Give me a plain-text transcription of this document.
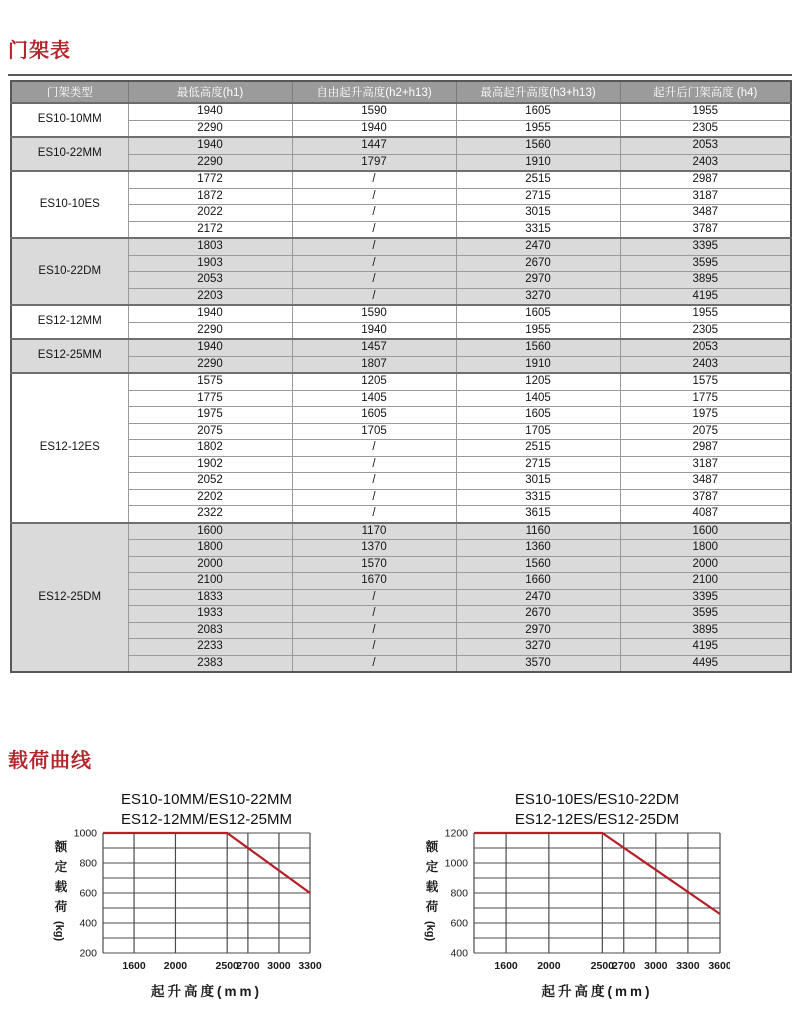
门架表
门架类型	最低高度(h1)	自由起升高度(h2+h13)	最高起升高度(h3+h13)	起升后门架高度 (h4)
ES10-10MM	1940	1590	1605	1955
	2290	1940	1955	2305
ES10-22MM	1940	1447	1560	2053
	2290	1797	1910	2403
ES10-10ES	1772	/	2515	2987
	1872	/	2715	3187
	2022	/	3015	3487
	2172	/	3315	3787
ES10-22DM	1803	/	2470	3395
	1903	/	2670	3595
	2053	/	2970	3895
	2203	/	3270	4195
ES12-12MM	1940	1590	1605	1955
	2290	1940	1955	2305
ES12-25MM	1940	1457	1560	2053
	2290	1807	1910	2403
ES12-12ES	1575	1205	1205	1575
	1775	1405	1405	1775
	1975	1605	1605	1975
	2075	1705	1705	2075
	1802	/	2515	2987
	1902	/	2715	3187
	2052	/	3015	3487
	2202	/	3315	3787
	2322	/	3615	4087
ES12-25DM	1600	1170	1160	1600
	1800	1370	1360	1800
	2000	1570	1560	2000
	2100	1670	1660	2100
	1833	/	2470	3395
	1933	/	2670	3595
	2083	/	2970	3895
	2233	/	3270	4195
	2383	/	3570	4495
载荷曲线
ES10-10MM/ES10-22MM
ES12-12MM/ES12-25MM
1000
800
600
400
200
1600 2000	2500
2700 3000 3300
额
定
载
荷
(kg)
起升高度(mm)
ES10-10ES/ES10-22DM
ES12-12ES/ES12-25DM
1200
1000
800
600
400
1600 2000	2500
2700 3000 3300 3600
额
定
载
荷
(kg)
起升高度(mm)
